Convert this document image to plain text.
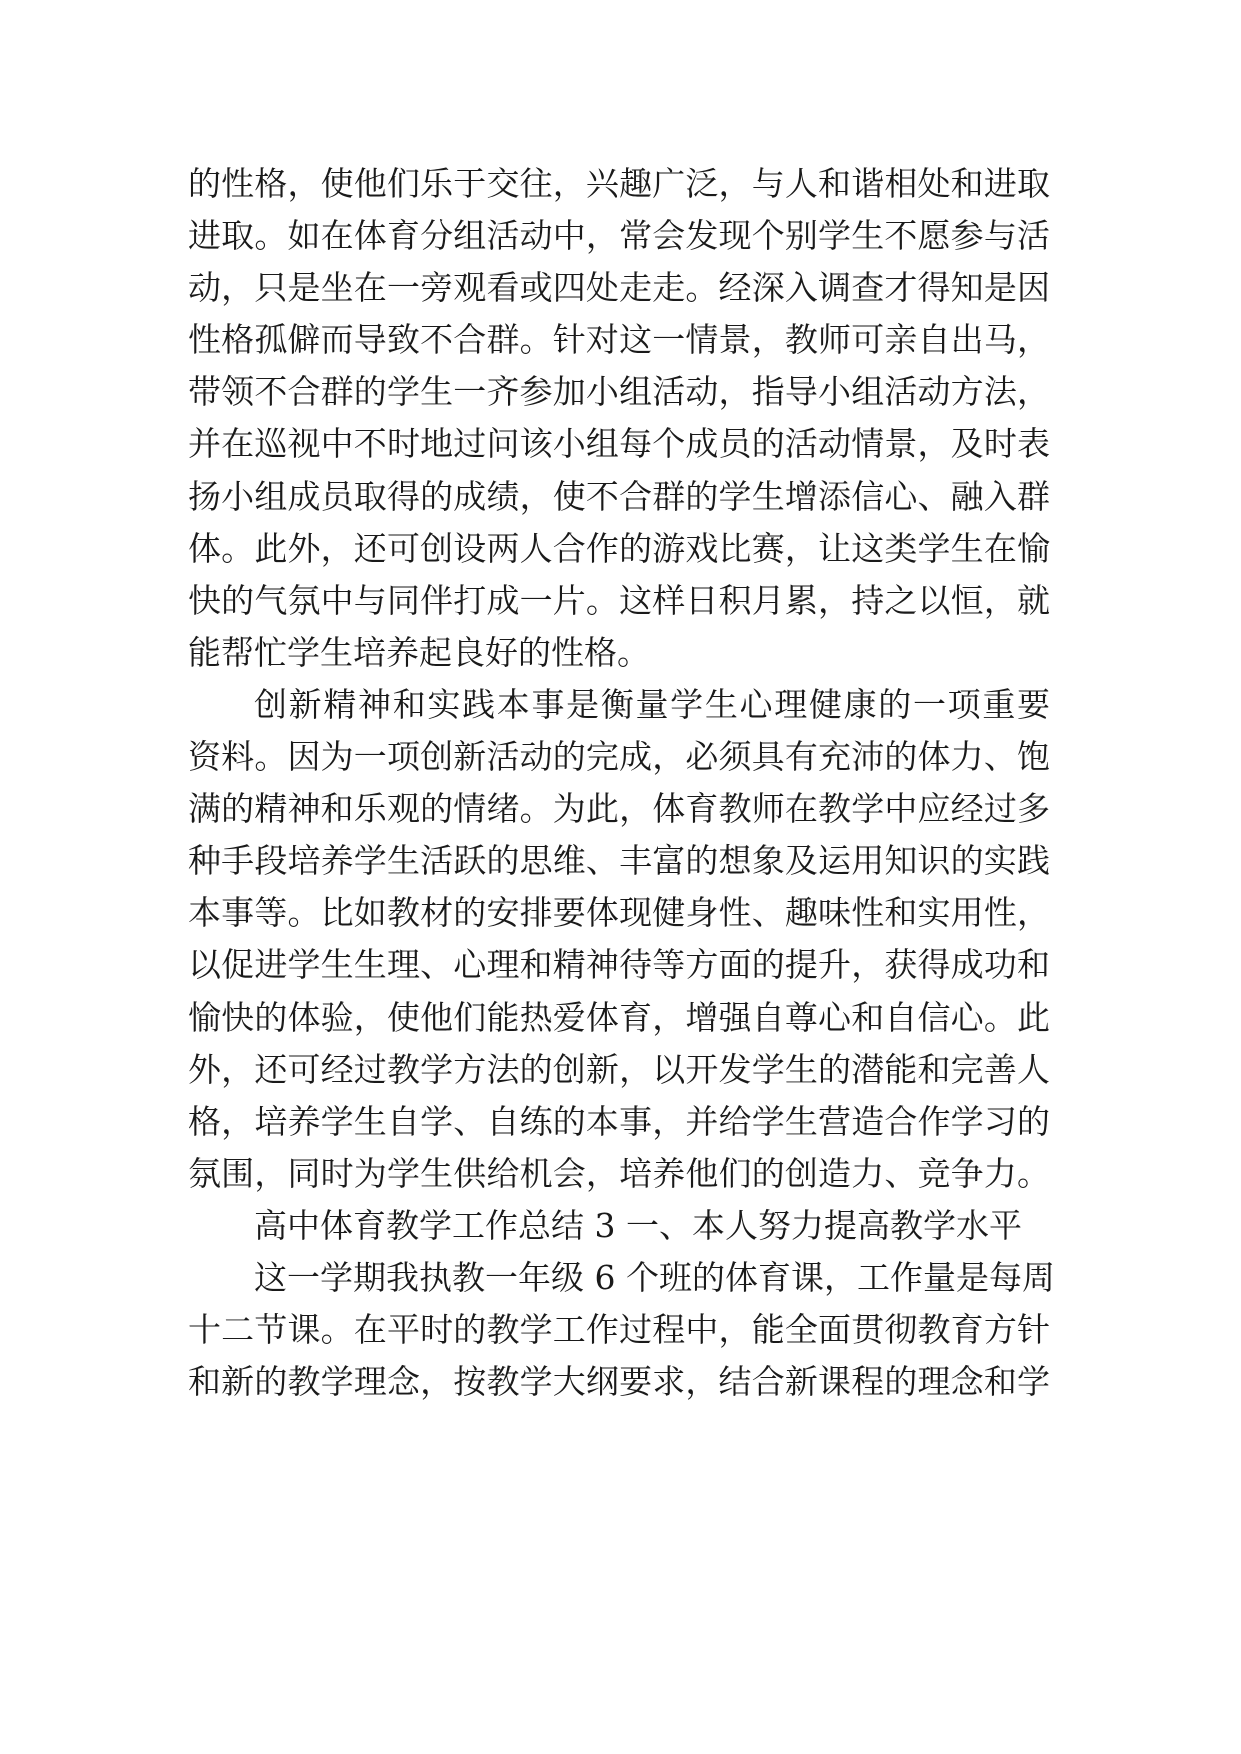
的性格，使他们乐于交往，兴趣广泛，与人和谐相处和进取
进取。如在体育分组活动中，常会发现个别学生不愿参与活
动，只是坐在一旁观看或四处走走。经深入调查才得知是因
性格孤僻而导致不合群。针对这一情景，教师可亲自出马，
带领不合群的学生一齐参加小组活动，指导小组活动方法，
并在巡视中不时地过问该小组每个成员的活动情景，及时表
扬小组成员取得的成绩，使不合群的学生增添信心、融入群
体。此外，还可创设两人合作的游戏比赛，让这类学生在愉
快的气氛中与同伴打成一片。这样日积月累，持之以恒，就
能帮忙学生培养起良好的性格。
创新精神和实践本事是衡量学生心理健康的一项重要
资料。因为一项创新活动的完成，必须具有充沛的体力、饱
满的精神和乐观的情绪。为此，体育教师在教学中应经过多
种手段培养学生活跃的思维、丰富的想象及运用知识的实践
本事等。比如教材的安排要体现健身性、趣味性和实用性，
以促进学生生理、心理和精神待等方面的提升，获得成功和
愉快的体验，使他们能热爱体育，增强自尊心和自信心。此
外，还可经过教学方法的创新，以开发学生的潜能和完善人
格，培养学生自学、自练的本事，并给学生营造合作学习的
氛围，同时为学生供给机会，培养他们的创造力、竞争力。
高中体育教学工作总结 3 一、本人努力提高教学水平
这一学期我执教一年级 6 个班的体育课，工作量是每周
十二节课。在平时的教学工作过程中，能全面贯彻教育方针
和新的教学理念，按教学大纲要求，结合新课程的理念和学
